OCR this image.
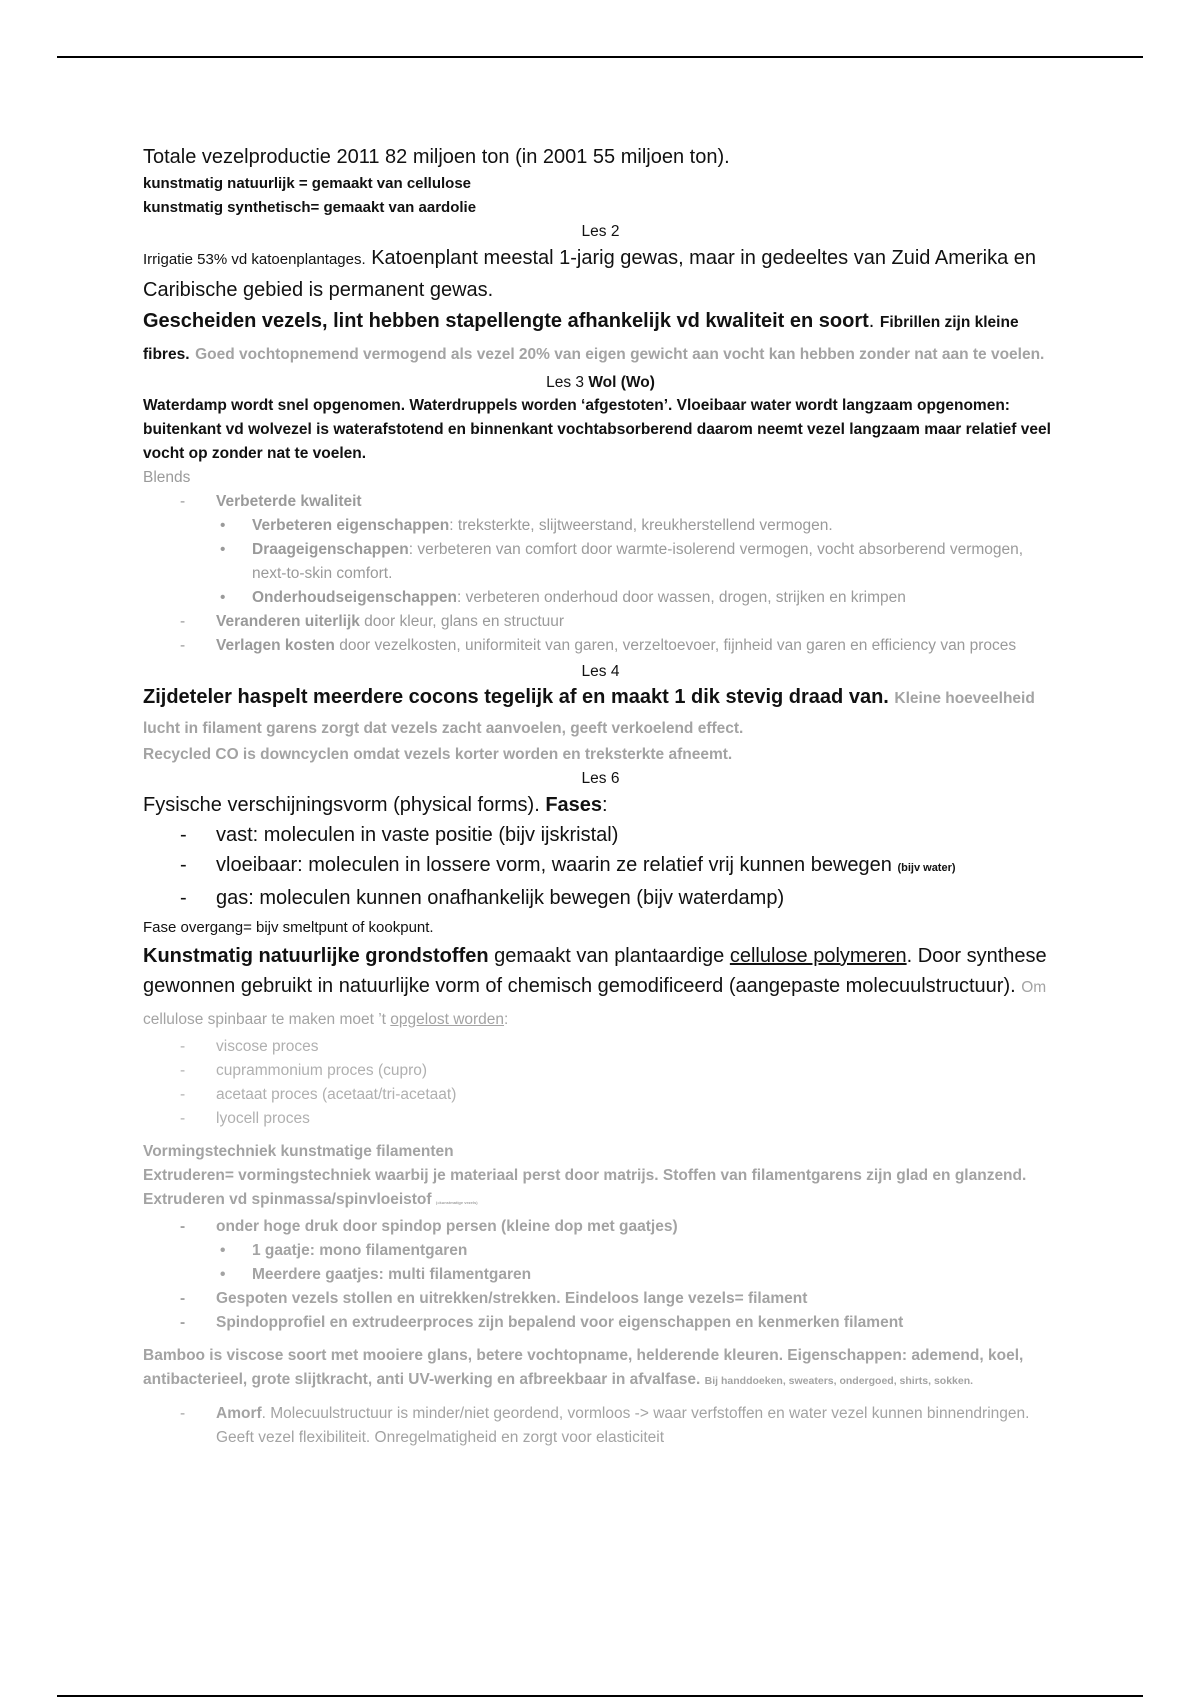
Totale vezelproductie 2011 82 miljoen ton (in 2001 55 miljoen ton).

kunstmatig natuurlijk = gemaakt van cellulose

kunstmatig synthetisch= gemaakt van aardolie

Les 2

Irrigatie 53% vd katoenplantages. Katoenplant meestal 1-jarig gewas, maar in gedeeltes van Zuid Amerika en Caribische gebied is permanent gewas.

Gescheiden vezels, lint hebben stapellengte afhankelijk vd kwaliteit en soort. Fibrillen zijn kleine fibres. Goed vochtopnemend vermogend als vezel 20% van eigen gewicht aan vocht kan hebben zonder nat aan te voelen.

Les 3 Wol (Wo)

Waterdamp wordt snel opgenomen. Waterdruppels worden ‘afgestoten’. Vloeibaar water wordt langzaam opgenomen: buitenkant vd wolvezel is waterafstotend en binnenkant vochtabsorberend daarom neemt vezel langzaam maar relatief veel vocht op zonder nat te voelen.

Blends

- Verbeterde kwaliteit
• Verbeteren eigenschappen: treksterkte, slijtweerstand, kreukherstellend vermogen.
• Draageigenschappen: verbeteren van comfort door warmte-isolerend vermogen, vocht absorberend vermogen, next-to-skin comfort.
• Onderhoudseigenschappen: verbeteren onderhoud door wassen, drogen, strijken en krimpen
- Veranderen uiterlijk door kleur, glans en structuur
- Verlagen kosten door vezelkosten, uniformiteit van garen, verzeltoevoer, fijnheid van garen en efficiency van proces

Les 4

Zijdeteler haspelt meerdere cocons tegelijk af en maakt 1 dik stevig draad van. Kleine hoeveelheid lucht in filament garens zorgt dat vezels zacht aanvoelen, geeft verkoelend effect.

Recycled CO is downcyclen omdat vezels korter worden en treksterkte afneemt.

Les 6

Fysische verschijningsvorm (physical forms). Fases:

- vast: moleculen in vaste positie (bijv ijskristal)
- vloeibaar: moleculen in lossere vorm, waarin ze relatief vrij kunnen bewegen (bijv water)
- gas: moleculen kunnen onafhankelijk bewegen (bijv waterdamp)

Fase overgang= bijv smeltpunt of kookpunt.

Kunstmatig natuurlijke grondstoffen gemaakt van plantaardige cellulose polymeren. Door synthese gewonnen gebruikt in natuurlijke vorm of chemisch gemodificeerd (aangepaste molecuulstructuur). Om cellulose spinbaar te maken moet ’t opgelost worden:

- viscose proces
- cuprammonium proces (cupro)
- acetaat proces (acetaat/tri-acetaat)
- lyocell proces

Vormingstechniek kunstmatige filamenten

Extruderen= vormingstechniek waarbij je materiaal perst door matrijs. Stoffen van filamentgarens zijn glad en glanzend. Extruderen vd spinmassa/spinvloeistof (=kunstmatige vezels)

- onder hoge druk door spindop persen (kleine dop met gaatjes)
• 1 gaatje: mono filamentgaren
• Meerdere gaatjes: multi filamentgaren
- Gespoten vezels stollen en uitrekken/strekken. Eindeloos lange vezels= filament
- Spindopprofiel en extrudeerproces zijn bepalend voor eigenschappen en kenmerken filament

Bamboo is viscose soort met mooiere glans, betere vochtopname, helderende kleuren. Eigenschappen: ademend, koel, antibacterieel, grote slijtkracht, anti UV-werking en afbreekbaar in afvalfase. Bij handdoeken, sweaters, ondergoed, shirts, sokken.

- Amorf. Molecuulstructuur is minder/niet geordend, vormloos -> waar verfstoffen en water vezel kunnen binnendringen. Geeft vezel flexibiliteit. Onregelmatigheid en zorgt voor elasticiteit
